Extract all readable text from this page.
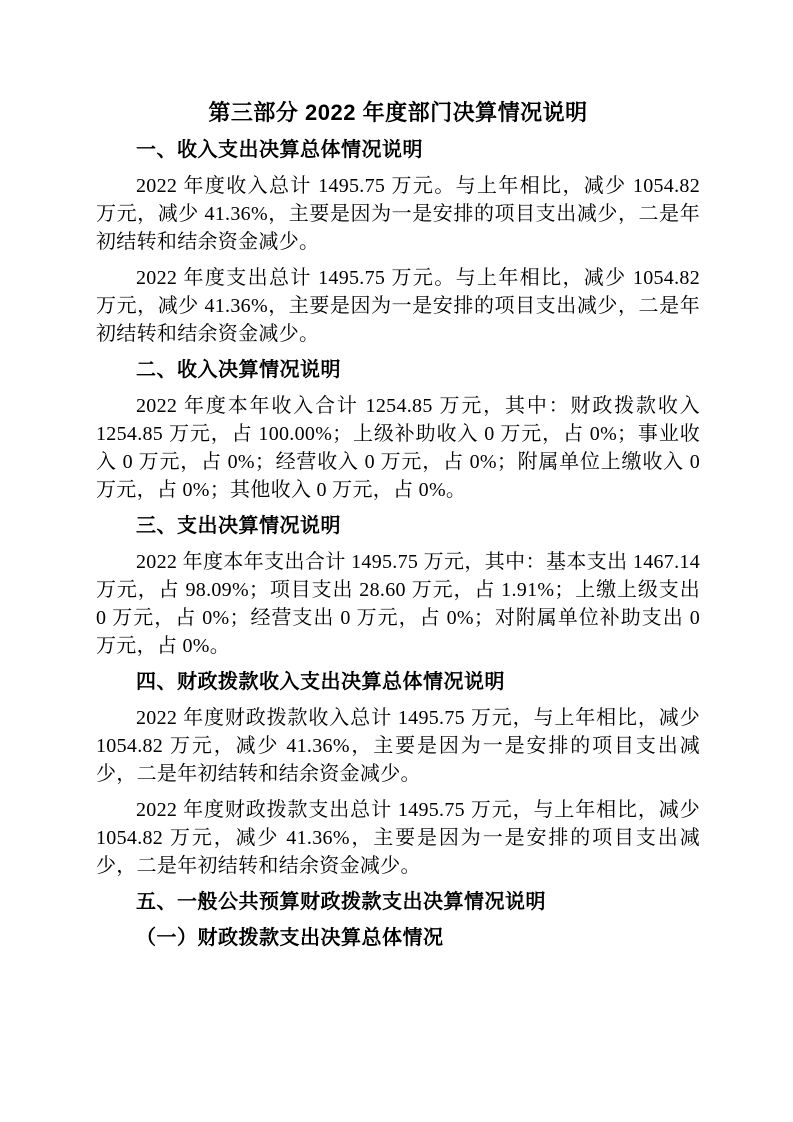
第三部分 2022 年度部门决算情况说明
一、收入支出决算总体情况说明

2022 年度收入总计 1495.75 万元。与上年相比，减少 1054.82 万元，减少 41.36%，主要是因为一是安排的项目支出减少，二是年初结转和结余资金减少。

2022 年度支出总计 1495.75 万元。与上年相比，减少 1054.82 万元，减少 41.36%，主要是因为一是安排的项目支出减少，二是年初结转和结余资金减少。

二、收入决算情况说明

2022 年度本年收入合计 1254.85 万元，其中：财政拨款收入 1254.85 万元，占 100.00%；上级补助收入 0 万元，占 0%；事业收入 0 万元，占 0%；经营收入 0 万元，占 0%；附属单位上缴收入 0 万元，占 0%；其他收入 0 万元，占 0%。

三、支出决算情况说明

2022 年度本年支出合计 1495.75 万元，其中：基本支出 1467.14 万元，占 98.09%；项目支出 28.60 万元，占 1.91%；上缴上级支出 0 万元，占 0%；经营支出 0 万元，占 0%；对附属单位补助支出 0 万元，占 0%。

四、财政拨款收入支出决算总体情况说明

2022 年度财政拨款收入总计 1495.75 万元，与上年相比，减少 1054.82 万元，减少 41.36%，主要是因为一是安排的项目支出减少，二是年初结转和结余资金减少。

2022 年度财政拨款支出总计 1495.75 万元，与上年相比，减少 1054.82 万元，减少 41.36%，主要是因为一是安排的项目支出减少，二是年初结转和结余资金减少。

五、一般公共预算财政拨款支出决算情况说明
（一）财政拨款支出决算总体情况
